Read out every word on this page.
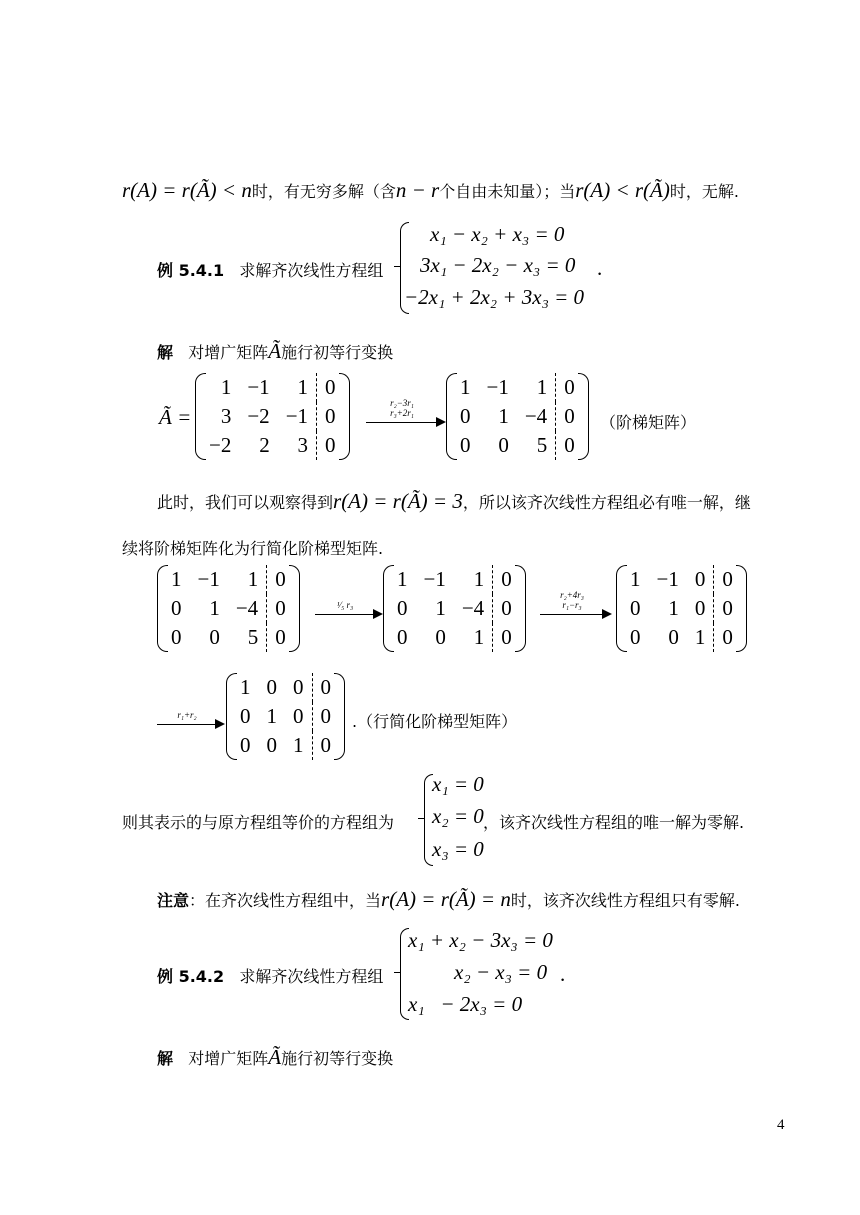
r(A) = r(Ã) < n时，有无穷多解（含n − r个自由未知量）；当r(A) < r(Ã)时，无解.
例 5.4.1 求解齐次线性方程组
x₁ − x₂ + x₃ = 0
3x₁ − 2x₂ − x₃ = 0
−2x₁ + 2x₂ + 3x₃ = 0
.
解 对增广矩阵Ã施行初等行变换
Ã =
1	−1	1	0
3	−2	−1	0
−2	2	3	0
r₂−3r₁
r₃+2r₁
1	−1	1	0
0	1	−4	0
0	0	5	0
（阶梯矩阵）
此时，我们可以观察得到r(A) = r(Ã) = 3，所以该齐次线性方程组必有唯一解，继
续将阶梯矩阵化为行简化阶梯型矩阵.
1	−1	1	0
0	1	−4	0
0	0	5	0
¹⁄₅ r₃
1	−1	1	0
0	1	−4	0
0	0	1	0
r₂+4r₃
r₁−r₃
1	−1	0	0
0	1	0	0
0	0	1	0
r₁+r₂
1	0	0	0
0	1	0	0
0	0	1	0
.（行简化阶梯型矩阵）
则其表示的与原方程组等价的方程组为
x₁ = 0
x₂ = 0
x₃ = 0
，该齐次线性方程组的唯一解为零解.
注意：在齐次线性方程组中，当r(A) = r(Ã) = n时，该齐次线性方程组只有零解.
例 5.4.2 求解齐次线性方程组
x₁ + x₂ − 3x₃ = 0
x₂ − x₃ = 0
x₁   − 2x₃ = 0
.
解 对增广矩阵Ã施行初等行变换
4
